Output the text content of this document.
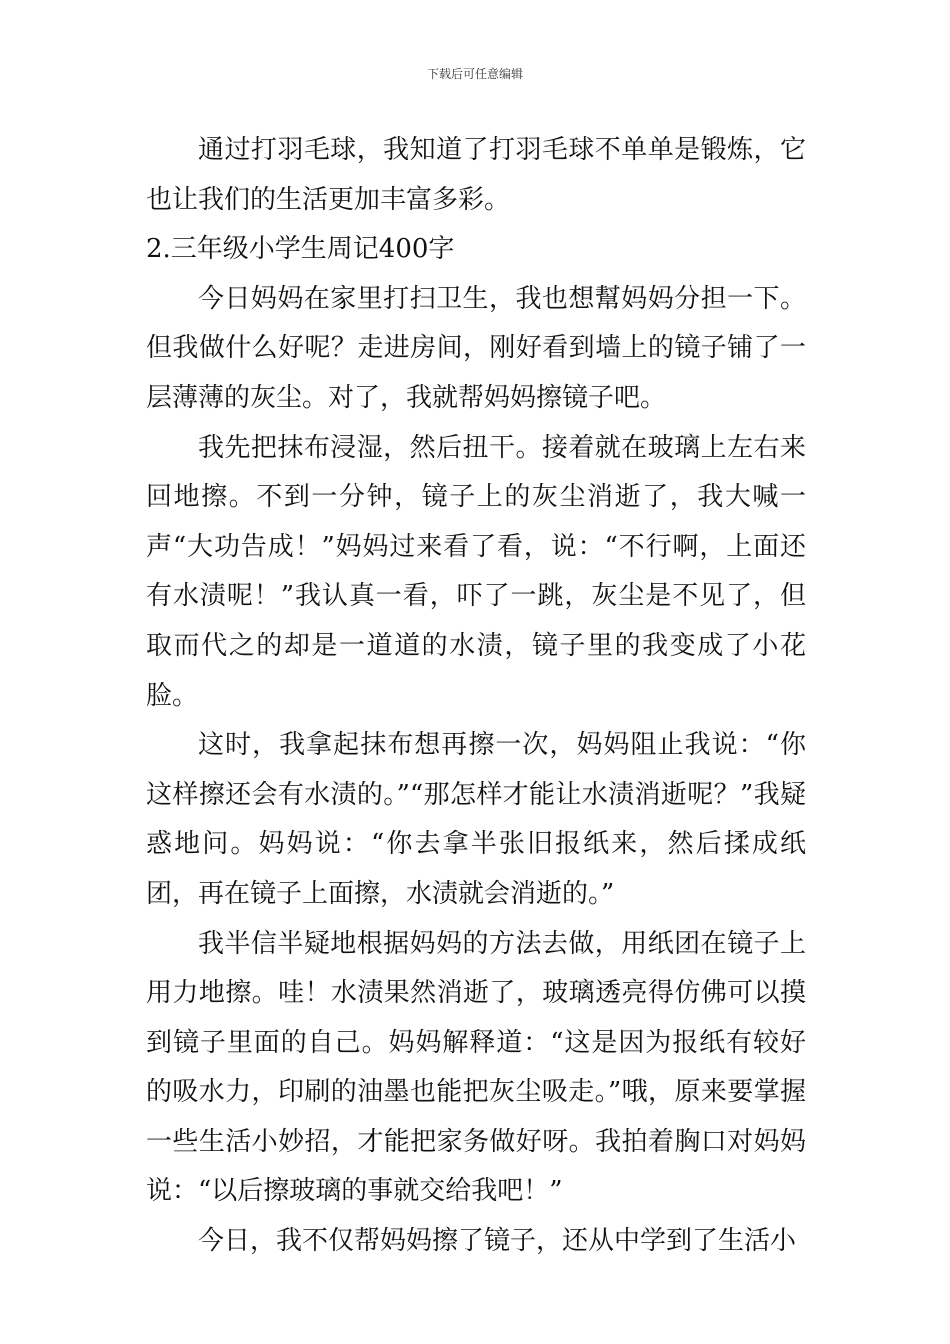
下载后可任意编辑

通过打羽毛球，我知道了打羽毛球不单单是锻炼，它也让我们的生活更加丰富多彩。

2.三年级小学生周记400字

今日妈妈在家里打扫卫生，我也想幫妈妈分担一下。但我做什么好呢？走进房间，刚好看到墙上的镜子铺了一层薄薄的灰尘。对了，我就帮妈妈擦镜子吧。

我先把抹布浸湿，然后扭干。接着就在玻璃上左右来回地擦。不到一分钟，镜子上的灰尘消逝了，我大喊一声“大功告成！”妈妈过来看了看，说：“不行啊，上面还有水渍呢！”我认真一看，吓了一跳，灰尘是不见了，但取而代之的却是一道道的水渍，镜子里的我变成了小花脸。

这时，我拿起抹布想再擦一次，妈妈阻止我说：“你这样擦还会有水渍的。”“那怎样才能让水渍消逝呢？”我疑惑地问。妈妈说：“你去拿半张旧报纸来，然后揉成纸团，再在镜子上面擦，水渍就会消逝的。”

我半信半疑地根据妈妈的方法去做，用纸团在镜子上用力地擦。哇！水渍果然消逝了，玻璃透亮得仿佛可以摸到镜子里面的自己。妈妈解释道：“这是因为报纸有较好的吸水力，印刷的油墨也能把灰尘吸走。”哦，原来要掌握一些生活小妙招，才能把家务做好呀。我拍着胸口对妈妈说：“以后擦玻璃的事就交给我吧！”

今日，我不仅帮妈妈擦了镜子，还从中学到了生活小
